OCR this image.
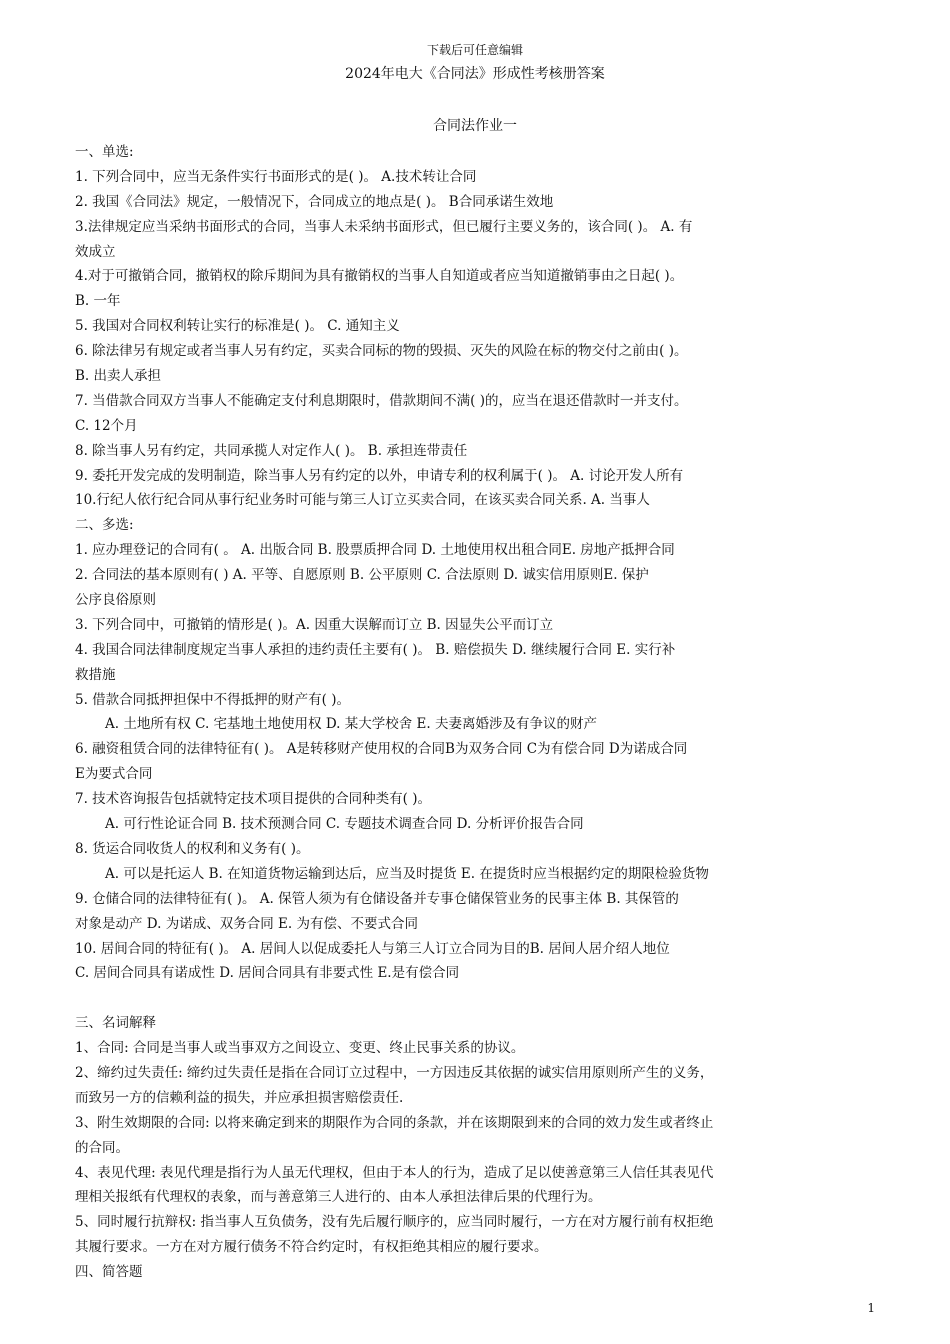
下载后可任意编辑
2024年电大《合同法》形成性考核册答案
合同法作业一
一、单选:
1. 下列合同中，应当无条件实行书面形式的是( )。 A.技术转让合同
2. 我国《合同法》规定，一般情况下，合同成立的地点是( )。 B合同承诺生效地
3.法律规定应当采纳书面形式的合同，当事人未采纳书面形式，但已履行主要义务的，该合同( )。 A. 有
效成立
4.对于可撤销合同，撤销权的除斥期间为具有撤销权的当事人自知道或者应当知道撤销事由之日起( )。
B. 一年
5. 我国对合同权利转让实行的标准是( )。 C. 通知主义
6. 除法律另有规定或者当事人另有约定，买卖合同标的物的毁损、灭失的风险在标的物交付之前由( )。
B. 出卖人承担
7. 当借款合同双方当事人不能确定支付利息期限时，借款期间不满( )的，应当在退还借款时一并支付。
C. 12个月
8. 除当事人另有约定，共同承揽人对定作人( )。 B. 承担连带责任
9. 委托开发完成的发明制造，除当事人另有约定的以外，申请专利的权利属于( )。 A. 讨论开发人所有
10.行纪人依行纪合同从事行纪业务时可能与第三人订立买卖合同，在该买卖合同关系. A. 当事人
二、多选:
1. 应办理登记的合同有( 。 A. 出版合同 B. 股票质押合同 D. 土地使用权出租合同E. 房地产抵押合同
2. 合同法的基本原则有( ) A. 平等、自愿原则 B. 公平原则 C. 合法原则 D. 诚实信用原则E. 保护
公序良俗原则
3. 下列合同中，可撤销的情形是( )。A. 因重大误解而订立 B. 因显失公平而订立
4. 我国合同法律制度规定当事人承担的违约责任主要有( )。 B. 赔偿损失 D. 继续履行合同 E. 实行补
救措施
5. 借款合同抵押担保中不得抵押的财产有( )。
A. 土地所有权 C. 宅基地土地使用权 D. 某大学校舍 E. 夫妻离婚涉及有争议的财产
6. 融资租赁合同的法律特征有( )。 A是转移财产使用权的合同B为双务合同 C为有偿合同 D为诺成合同
E为要式合同
7. 技术咨询报告包括就特定技术项目提供的合同种类有( )。
A. 可行性论证合同 B. 技术预测合同 C. 专题技术调查合同 D. 分析评价报告合同
8. 货运合同收货人的权利和义务有( )。
A. 可以是托运人 B. 在知道货物运输到达后，应当及时提货 E. 在提货时应当根据约定的期限检验货物
9. 仓储合同的法律特征有( )。 A. 保管人须为有仓储设备并专事仓储保管业务的民事主体 B. 其保管的
对象是动产 D. 为诺成、双务合同 E. 为有偿、不要式合同
10. 居间合同的特征有( )。 A. 居间人以促成委托人与第三人订立合同为目的B. 居间人居介绍人地位
C. 居间合同具有诺成性 D. 居间合同具有非要式性 E.是有偿合同
三、名词解释
1、合同: 合同是当事人或当事双方之间设立、变更、终止民事关系的协议。
2、缔约过失责任: 缔约过失责任是指在合同订立过程中，一方因违反其依据的诚实信用原则所产生的义务，
而致另一方的信赖利益的损失，并应承担损害赔偿责任.
3、附生效期限的合同: 以将来确定到来的期限作为合同的条款，并在该期限到来的合同的效力发生或者终止
的合同。
4、表见代理: 表见代理是指行为人虽无代理权，但由于本人的行为，造成了足以使善意第三人信任其表见代
理相关报纸有代理权的表象，而与善意第三人进行的、由本人承担法律后果的代理行为。
5、同时履行抗辩权: 指当事人互负债务，没有先后履行顺序的，应当同时履行，一方在对方履行前有权拒绝
其履行要求。一方在对方履行债务不符合约定时，有权拒绝其相应的履行要求。
四、简答题
1
